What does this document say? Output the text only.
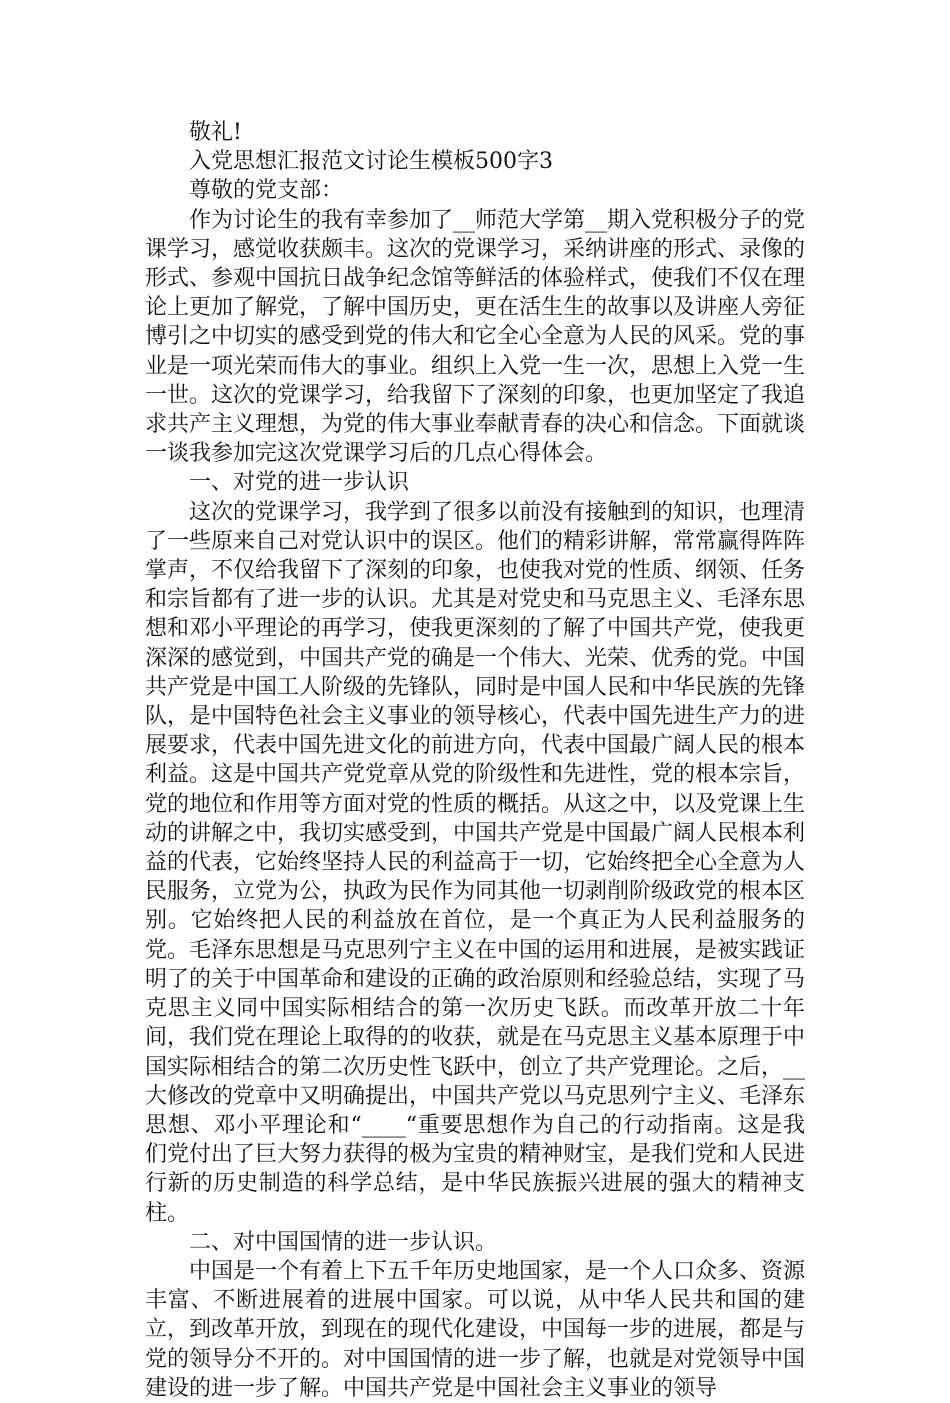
敬礼!

入党思想汇报范文讨论生模板500字3

尊敬的党支部：

作为讨论生的我有幸参加了__师范大学第__期入党积极分子的党课学习，感觉收获颇丰。这次的党课学习，采纳讲座的形式、录像的形式、参观中国抗日战争纪念馆等鲜活的体验样式，使我们不仅在理论上更加了解党，了解中国历史，更在活生生的故事以及讲座人旁征博引之中切实的感受到党的伟大和它全心全意为人民的风采。党的事业是一项光荣而伟大的事业。组织上入党一生一次，思想上入党一生一世。这次的党课学习，给我留下了深刻的印象，也更加坚定了我追求共产主义理想，为党的伟大事业奉献青春的决心和信念。下面就谈一谈我参加完这次党课学习后的几点心得体会。

一、对党的进一步认识

这次的党课学习，我学到了很多以前没有接触到的知识，也理清了一些原来自己对党认识中的误区。他们的精彩讲解，常常赢得阵阵掌声，不仅给我留下了深刻的印象，也使我对党的性质、纲领、任务和宗旨都有了进一步的认识。尤其是对党史和马克思主义、毛泽东思想和邓小平理论的再学习，使我更深刻的了解了中国共产党，使我更深深的感觉到，中国共产党的确是一个伟大、光荣、优秀的党。中国共产党是中国工人阶级的先锋队，同时是中国人民和中华民族的先锋队，是中国特色社会主义事业的领导核心，代表中国先进生产力的进展要求，代表中国先进文化的前进方向，代表中国最广阔人民的根本利益。这是中国共产党党章从党的阶级性和先进性，党的根本宗旨，党的地位和作用等方面对党的性质的概括。从这之中，以及党课上生动的讲解之中，我切实感受到，中国共产党是中国最广阔人民根本利益的代表，它始终坚持人民的利益高于一切，它始终把全心全意为人民服务，立党为公，执政为民作为同其他一切剥削阶级政党的根本区别。它始终把人民的利益放在首位，是一个真正为人民利益服务的党。毛泽东思想是马克思列宁主义在中国的运用和进展，是被实践证明了的关于中国革命和建设的正确的政治原则和经验总结，实现了马克思主义同中国实际相结合的第一次历史飞跃。而改革开放二十年间，我们党在理论上取得的的收获，就是在马克思主义基本原理于中国实际相结合的第二次历史性飞跃中，创立了共产党理论。之后，__大修改的党章中又明确提出，中国共产党以马克思列宁主义、毛泽东思想、邓小平理论和“____“重要思想作为自己的行动指南。这是我们党付出了巨大努力获得的极为宝贵的精神财宝，是我们党和人民进行新的历史制造的科学总结，是中华民族振兴进展的强大的精神支柱。

二、对中国国情的进一步认识。

中国是一个有着上下五千年历史地国家，是一个人口众多、资源丰富、不断进展着的进展中国家。可以说，从中华人民共和国的建立，到改革开放，到现在的现代化建设，中国每一步的进展，都是与党的领导分不开的。对中国国情的进一步了解，也就是对党领导中国建设的进一步了解。中国共产党是中国社会主义事业的领导
